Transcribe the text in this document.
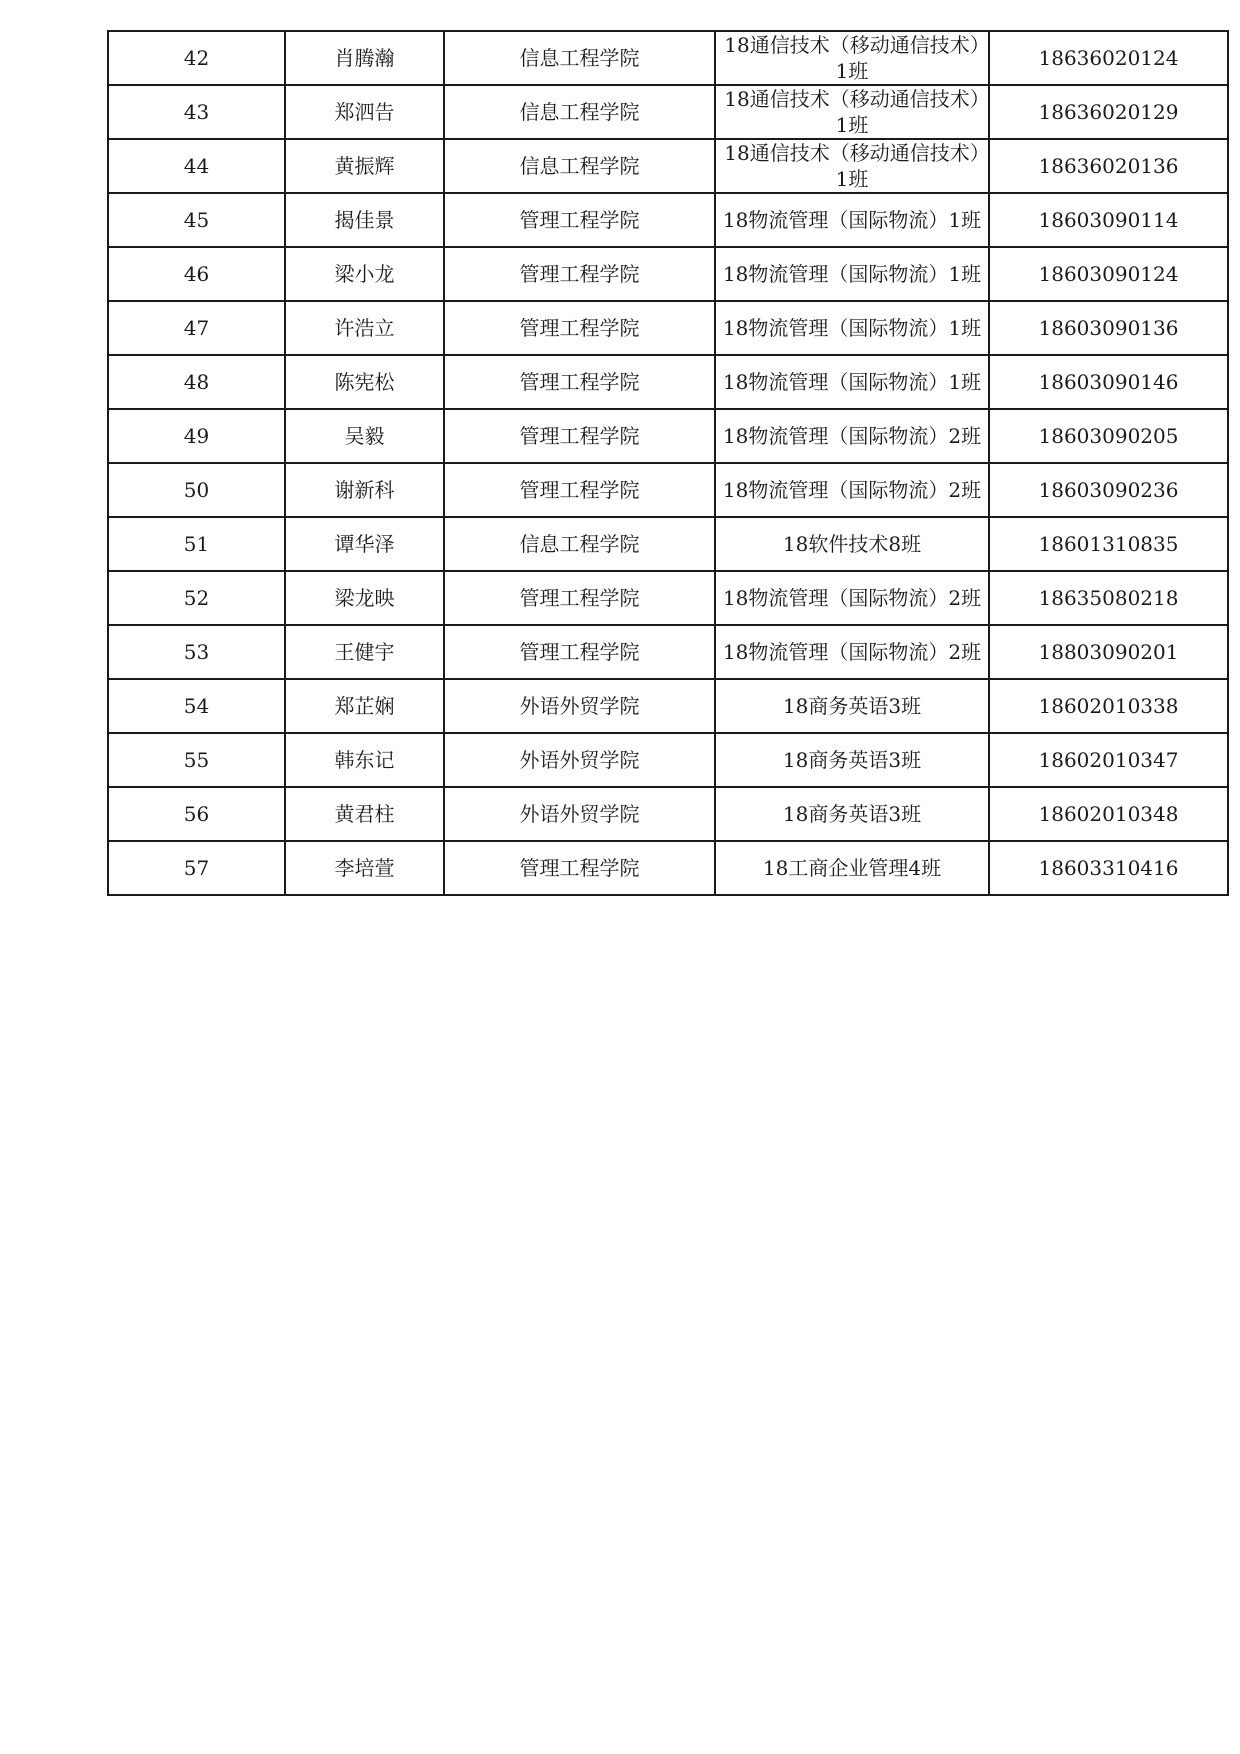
42	肖腾瀚	信息工程学院	18通信技术（移动通信技术）1班	18636020124
43	郑泗告	信息工程学院	18通信技术（移动通信技术）1班	18636020129
44	黄振辉	信息工程学院	18通信技术（移动通信技术）1班	18636020136
45	揭佳景	管理工程学院	18物流管理（国际物流）1班	18603090114
46	梁小龙	管理工程学院	18物流管理（国际物流）1班	18603090124
47	许浩立	管理工程学院	18物流管理（国际物流）1班	18603090136
48	陈宪松	管理工程学院	18物流管理（国际物流）1班	18603090146
49	吴毅	管理工程学院	18物流管理（国际物流）2班	18603090205
50	谢新科	管理工程学院	18物流管理（国际物流）2班	18603090236
51	谭华泽	信息工程学院	18软件技术8班	18601310835
52	梁龙映	管理工程学院	18物流管理（国际物流）2班	18635080218
53	王健宇	管理工程学院	18物流管理（国际物流）2班	18803090201
54	郑芷娴	外语外贸学院	18商务英语3班	18602010338
55	韩东记	外语外贸学院	18商务英语3班	18602010347
56	黄君柱	外语外贸学院	18商务英语3班	18602010348
57	李培萱	管理工程学院	18工商企业管理4班	18603310416
